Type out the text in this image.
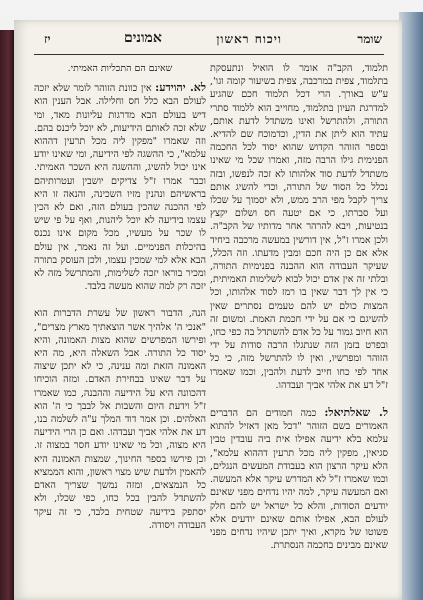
שומר
ויכוח ראשון
אמונים
יז

תלמוד, הקב"ה אומר לו הואיל ונתעסקת בתלמוד, צפית במרכבה, צפית בשיעור קומה וגו', ע"ש באורך. הרי דכל תלמוד חכם שהגיע למדרגת העיון בתלמוד, מחוייב הוא ללמוד סתרי התורה, ולהתרשל ואינו משתדל לדעת אותם, עתיד הוא ליתן את הדין, וכדמוכח שם להדיא. ובספר הזוהר הקדוש שהוא יסוד לכל החכמה הפנימית גילו הרבה מזה, ואמרו שכל מי שאינו משתדל לדעת סוד אלהותו לא זכה לנפשו, ובזה נכלל כל הסוד של התורה, וכדי להשיג אותם צריך לקבל מפי הרב ממש, ולא יסמוך על שכלו ועל סברתו, כי אם יטעה חס ושלום יקצץ בנטיעות, ויבא להרהר אחר מדותיו של הקב"ה. ולכן אמרו ז"ל, אין דורשין במעשה מרכבה ביחיד אלא אם כן היה חכם ומבין מדעתו. וזה הכלל, שעיקר העבודה הוא ההבנה בפנימיות התורה, ובלתי זה אין אדם יכול לבוא לשלימות האמיתית, כי אין לך דבר שאין בו רמז לסוד אלהותו, וכל המצות כולם יש להם טעמים נסתרים שאין להשיגם כי אם על ידי חכמת האמת. ומשום זה הוא חיוב גמור על כל אדם להשתדל בה כפי כחו, ובפרט בזמן הזה שנתגלו הרבה סודות על ידי הזוהר ומפרשיו, ואין לו להתרשל מזה, כי כל אחד לפי כחו חייב לדעת ולהבין, וכמו שאמרו ז"ל דע את אלהי אביך ועבדהו.

ל. שאלתיאל: כמה חמודים הם הדברים האמורים בשם הזוהר "דכל מאן דאזיל להתוא עלמא בלא ידיעה אפילו אית ביה עובדין טבין סגיאין, מפקין ליה מכל תרעין דההוא עלמא", הלא עיקר הרצון הוא בעבודת המעשים הנגלים, וכמו שאמרו ז"ל לא המדרש עיקר אלא המעשה. ואם המעשה עיקר, למה יהיו נדחים מפני שאינם יודעים הסודות, והלא כל ישראל יש להם חלק לעולם הבא, אפילו אותם שאינם יודעים אלא פשוטו של מקרא, ואיך יתכן שיהיו נדחים מפני שאינם מבינים בחכמה הנסתרת.

שאינם הם התכליות האמיתי.

לא. יהוידע: אין כוונת הזוהר לומר שלא יזכה לעולם הבא כלל חס וחלילה. אבל הענין הוא דיש בעולם הבא מדרגות עליונות מאד, ומי שלא זכה לאותם הידיעות, לא יוכל ליכנס בהם. וזה שאמרו "מפקין ליה מכל תרעין דההוא עלמא", כי ההשגה לפי הידיעה, ומי שאינו יודע אינו יכול להשיג, וההשגה היא השכר האמיתי. וכבר אמרו ז"ל צדיקים יושבין ועטרותיהם בראשיהם ונהנין מזיו השכינה, והנאה זו היא לפי ההכנה שהכין בעולם הזה, ואם לא הכין עצמו בידיעה לא יוכל ליהנות, ואף על פי שיש לו שכר על מעשיו, מכל מקום אינו נכנס בהיכלות הפנימיים. ועל זה נאמר, אין עולם הבא אלא למי שמכין עצמו, ולכן העוסק בתורה ומכיר בוראו יזכה לשלימות, והמתרשל מזה לא יזכה רק למה שהוא מעשה בלבד.

הנה, הדבור ראשון של עשרת הדברות הוא "אנכי ה' אלהיך אשר הוצאתיך מארץ מצרים", ופירשו המפרשים שהוא מצות האמונה, והיא יסוד כל התורה. אבל השאלה היא, מה היא האמונה הזאת ומה ענינה, כי לא יתכן שיצוה על דבר שאינו בבחירת האדם. ומזה הוכיחו דהכוונה היא על הידיעה וההבנה, כמו שאמרו ז"ל וידעת היום והשבות אל לבבך כי ה' הוא האלהים. וכן אמר דוד המלך ע"ה לשלמה בנו, דע את אלהי אביך ועבדהו. ואם כן הרי הידיעה היא מצוה, וכל מי שאינו יודע חסר במצוה זו. וכן פירשו בספר החינוך, שמצות האמונה היא להאמין ולדעת שיש מצוי ראשון, והוא הממציא כל הנמצאים, ומזה נמשך שצריך האדם להשתדל להבין בכל כחו, כפי שכלו, ולא יסתפק בידיעה שטחית בלבד, כי זה עיקר העבודה ויסודה.
